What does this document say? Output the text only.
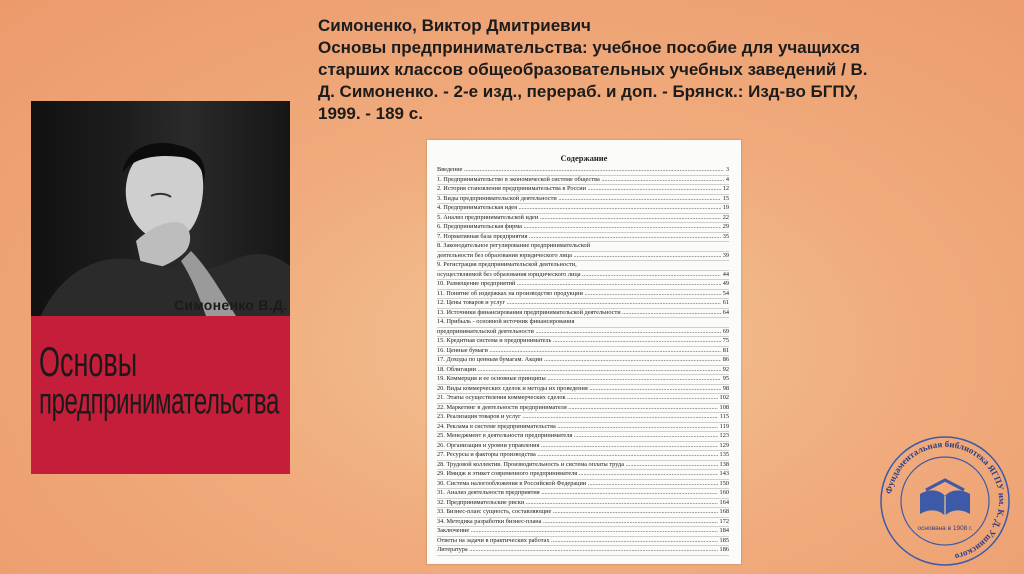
Симоненко, Виктор Дмитриевич
Основы предпринимательства: учебное пособие для учащихся
старших классов общеобразовательных учебных заведений / В.
Д. Симоненко. - 2-е изд., перераб. и доп. - Брянск.: Изд-во БГПУ,
1999. - 189 с.
Симоненко В.Д.
Основы
предпринимательства
Содержание
Введение .....	3
1. Предпринимательство в экономической системе общества .....	4
2. История становления предпринимательства в России .....	12
3. Виды предпринимательской деятельности .....	15
4. Предпринимательская идея .....	19
5. Анализ предпринимательской идеи .....	22
6. Предпринимательская фирма .....	29
7. Нормативная база предприятия .....	35
8. Законодательное регулирование предпринимательской
деятельности без образования юридического лица .....	39
9. Регистрация предпринимательской деятельности,
осуществляемой без образования юридического лица .....	44
10. Размещение предприятий .....	49
11. Понятие об издержках на производство продукции .....	54
12. Цены товаров и услуг .....	61
13. Источники финансирования предпринимательской деятельности .....	64
14. Прибыль - основной источник финансирования
предпринимательской деятельности .....	69
15. Кредитная система и предприниматель .....	75
16. Ценные бумаги .....	81
17. Доходы по ценным бумагам. Акции .....	86
18. Облигации .....	92
19. Коммерция и ее основные принципы .....	95
20. Виды коммерческих сделок и методы их проведения .....	98
21. Этапы осуществления коммерческих сделок .....	102
22. Маркетинг в деятельности предпринимателя .....	108
23. Реализация товаров и услуг .....	115
24. Реклама в системе предпринимательства .....	119
25. Менеджмент в деятельности предпринимателя .....	123
26. Организация и уровни управления .....	129
27. Ресурсы и факторы производства .....	135
28. Трудовой коллектив. Производительность и система оплаты труда .....	138
29. Имидж и этикет современного предпринимателя .....	143
30. Система налогообложения в Российской Федерации .....	150
31. Анализ деятельности предприятия .....	160
32. Предпринимательские риски .....	164
33. Бизнес-план: сущность, составляющие .....	168
34. Методика разработки бизнес-плана .....	172
Заключение .....	184
Ответы на задачи в практических работах .....	185
Литература .....	186
Фундаментальная библиотека ЯГПУ им. К. Д. Ушинского
основана в 1908 г.
